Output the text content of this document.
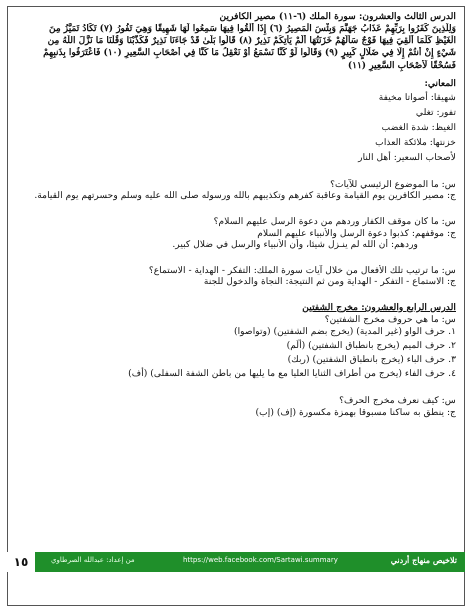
الدرس الثالث والعشرون: سورة الملك (٦-١١) مصير الكافرين
وَلِلَّذِينَ كَفَرُوا بِرَبِّهِمْ عَذَابُ جَهَنَّمَ وَبِئْسَ الْمَصِيرُ (٦) إِذَا أُلْقُوا فِيهَا سَمِعُوا لَهَا شَهِيقًا وَهِيَ تَفُورُ (٧) تَكَادُ تَمَيَّزُ مِنَ
الْغَيْظِ كُلَّمَا أُلْقِيَ فِيهَا فَوْجٌ سَأَلَهُمْ خَزَنَتُهَا أَلَمْ يَأْتِكُمْ نَذِيرٌ (٨) قَالُوا بَلَىٰ قَدْ جَاءَنَا نَذِيرٌ فَكَذَّبْنَا وَقُلْنَا مَا نَزَّلَ اللَّهُ مِن
شَيْءٍ إِنْ أَنتُمْ إِلَّا فِي ضَلَالٍ كَبِيرٍ (٩) وَقَالُوا لَوْ كُنَّا نَسْمَعُ أَوْ نَعْقِلُ مَا كُنَّا فِي أَصْحَابِ السَّعِيرِ (١٠) فَاعْتَرَفُوا بِذَنبِهِمْ
فَسُحْقًا لِّأَصْحَابِ السَّعِيرِ (١١)
المعاني:
شهيقا: أصواتا مخيفة
تفور: تغلي
الغيظ: شدة الغضب
خزنتها: ملائكة العذاب
لأصحاب السعير: أهل النار
س: ما الموضوع الرئيسي للآيات؟
ج: مصير الكافرين يوم القيامة وعاقبة كفرهم وتكذيبهم بالله ورسوله صلى الله عليه وسلم وحسرتهم يوم القيامة.
س: ما كان موقف الكفار وردهم من دعوة الرسل عليهم السلام؟
ج: موقفهم: كذبوا دعوة الرسل والأنبياء عليهم السلام
وردهم: أن الله لم ينـزل شيئا، وأن الأنبياء والرسل في ضلال كبير.
س: ما ترتيب تلك الأفعال من خلال آيات سورة الملك: التفكر - الهداية - الاستماع؟
ج: الاستماع - التفكر - الهداية ومن ثم النتيجة: النجاة والدخول للجنة
الدرس الرابع والعشرون: مخرج الشفتين
س: ما هي حروف مخرج الشفتين؟
١. حرف الواو (غير المدية) (يخرج بضم الشفتين) (وتواصوا)
٢. حرف الميم (يخرج بانطباق الشفتين) (أَلَم)
٣. حرف الباء (يخرج بانطباق الشفتين) (ربك)
٤. حرف الفاء (يخرج من أطراف الثنايا العليا مع ما يليها من باطن الشفة السفلى) (أف)
س: كيف نعرف مخرج الحرف؟
ج: ينطق به ساكنا مسبوقا بهمزة مكسورة (إف) (إب)
١٥	من إعداد: عبدالله الصرطاوي	https://web.facebook.com/Sartawi.summary	تلاخيص منهاج أردني
